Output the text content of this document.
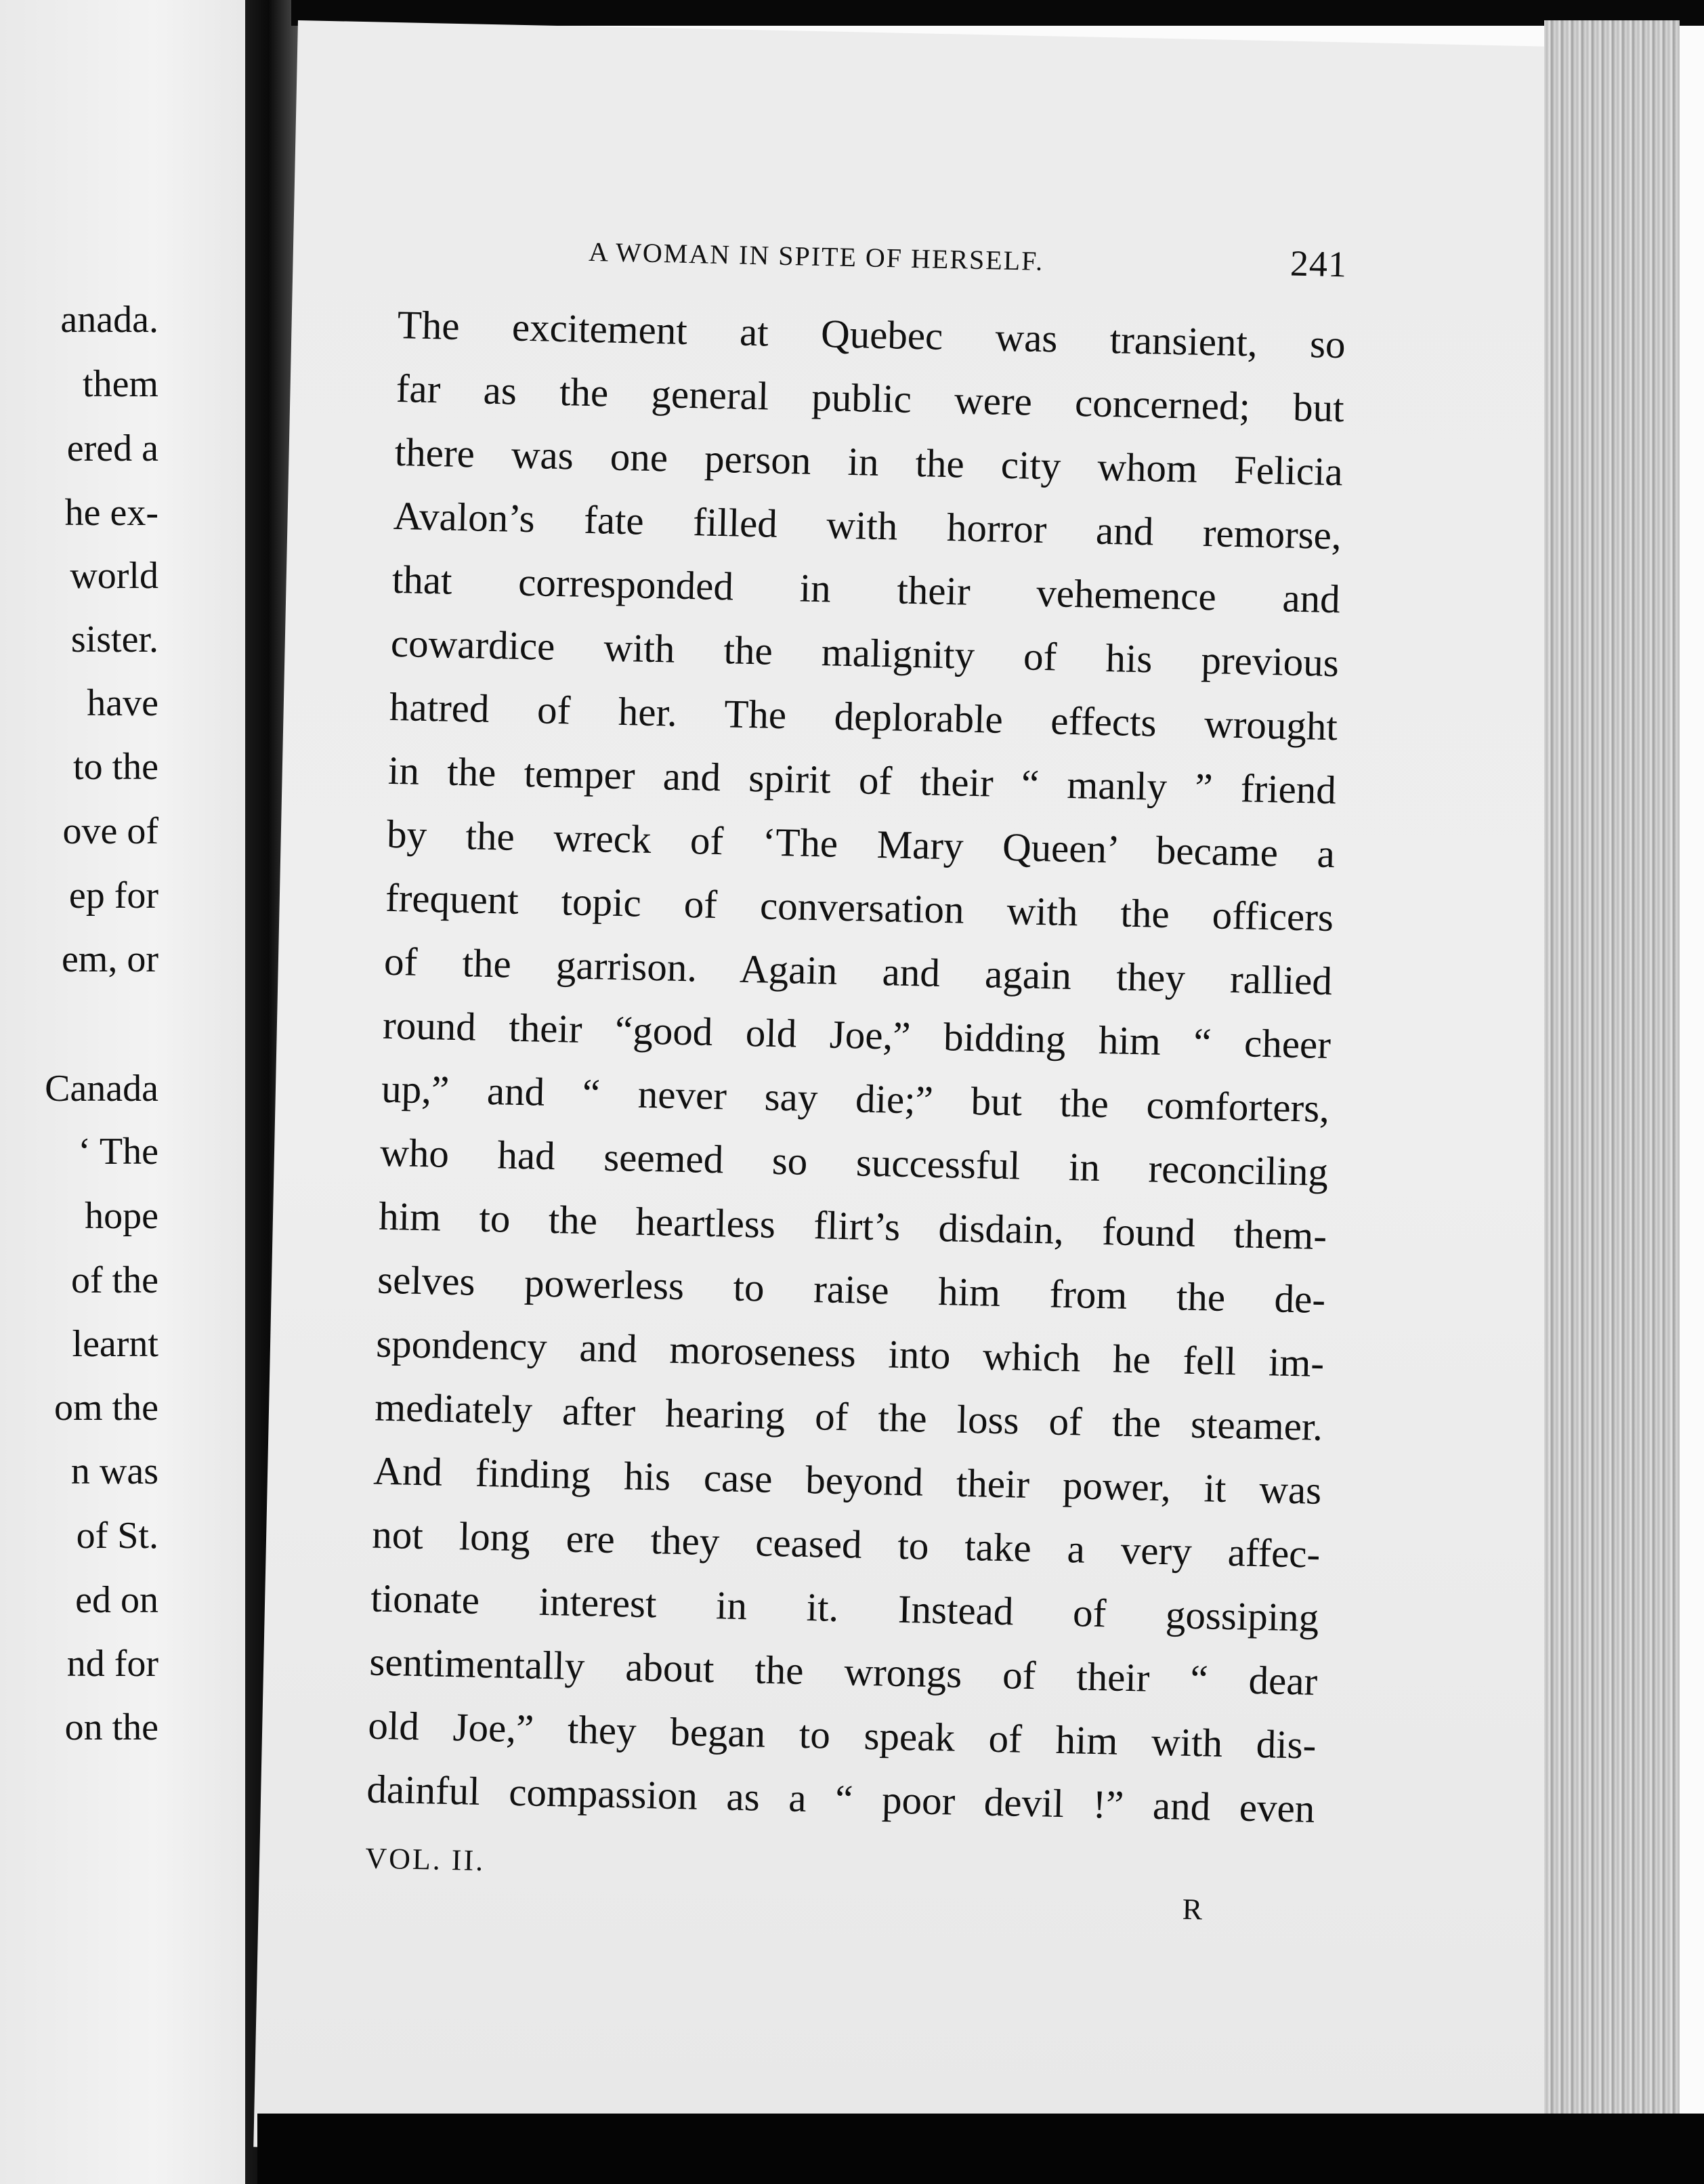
anada.
them
ered a
he ex-
world
sister.
have
to the
ove of
ep for
em, or
Canada
‘ The
hope
of the
learnt
om the
n was
of St.
ed on
nd for
on the
A WOMAN IN SPITE OF HERSELF.	241
The excitement at Quebec was transient, so
far as the general public were concerned; but
there was one person in the city whom Felicia
Avalon’s fate filled with horror and remorse,
that corresponded in their vehemence and
cowardice with the malignity of his previous
hatred of her. The deplorable effects wrought
in the temper and spirit of their “ manly ” friend
by the wreck of ‘The Mary Queen’ became a
frequent topic of conversation with the officers
of the garrison. Again and again they rallied
round their “good old Joe,” bidding him “ cheer
up,” and “ never say die;” but the comforters,
who had seemed so successful in reconciling
him to the heartless flirt’s disdain, found them-
selves powerless to raise him from the de-
spondency and moroseness into which he fell im-
mediately after hearing of the loss of the steamer.
And finding his case beyond their power, it was
not long ere they ceased to take a very affec-
tionate interest in it. Instead of gossiping
sentimentally about the wrongs of their “ dear
old Joe,” they began to speak of him with dis-
dainful compassion as a “ poor devil !” and even
VOL. II.
R
